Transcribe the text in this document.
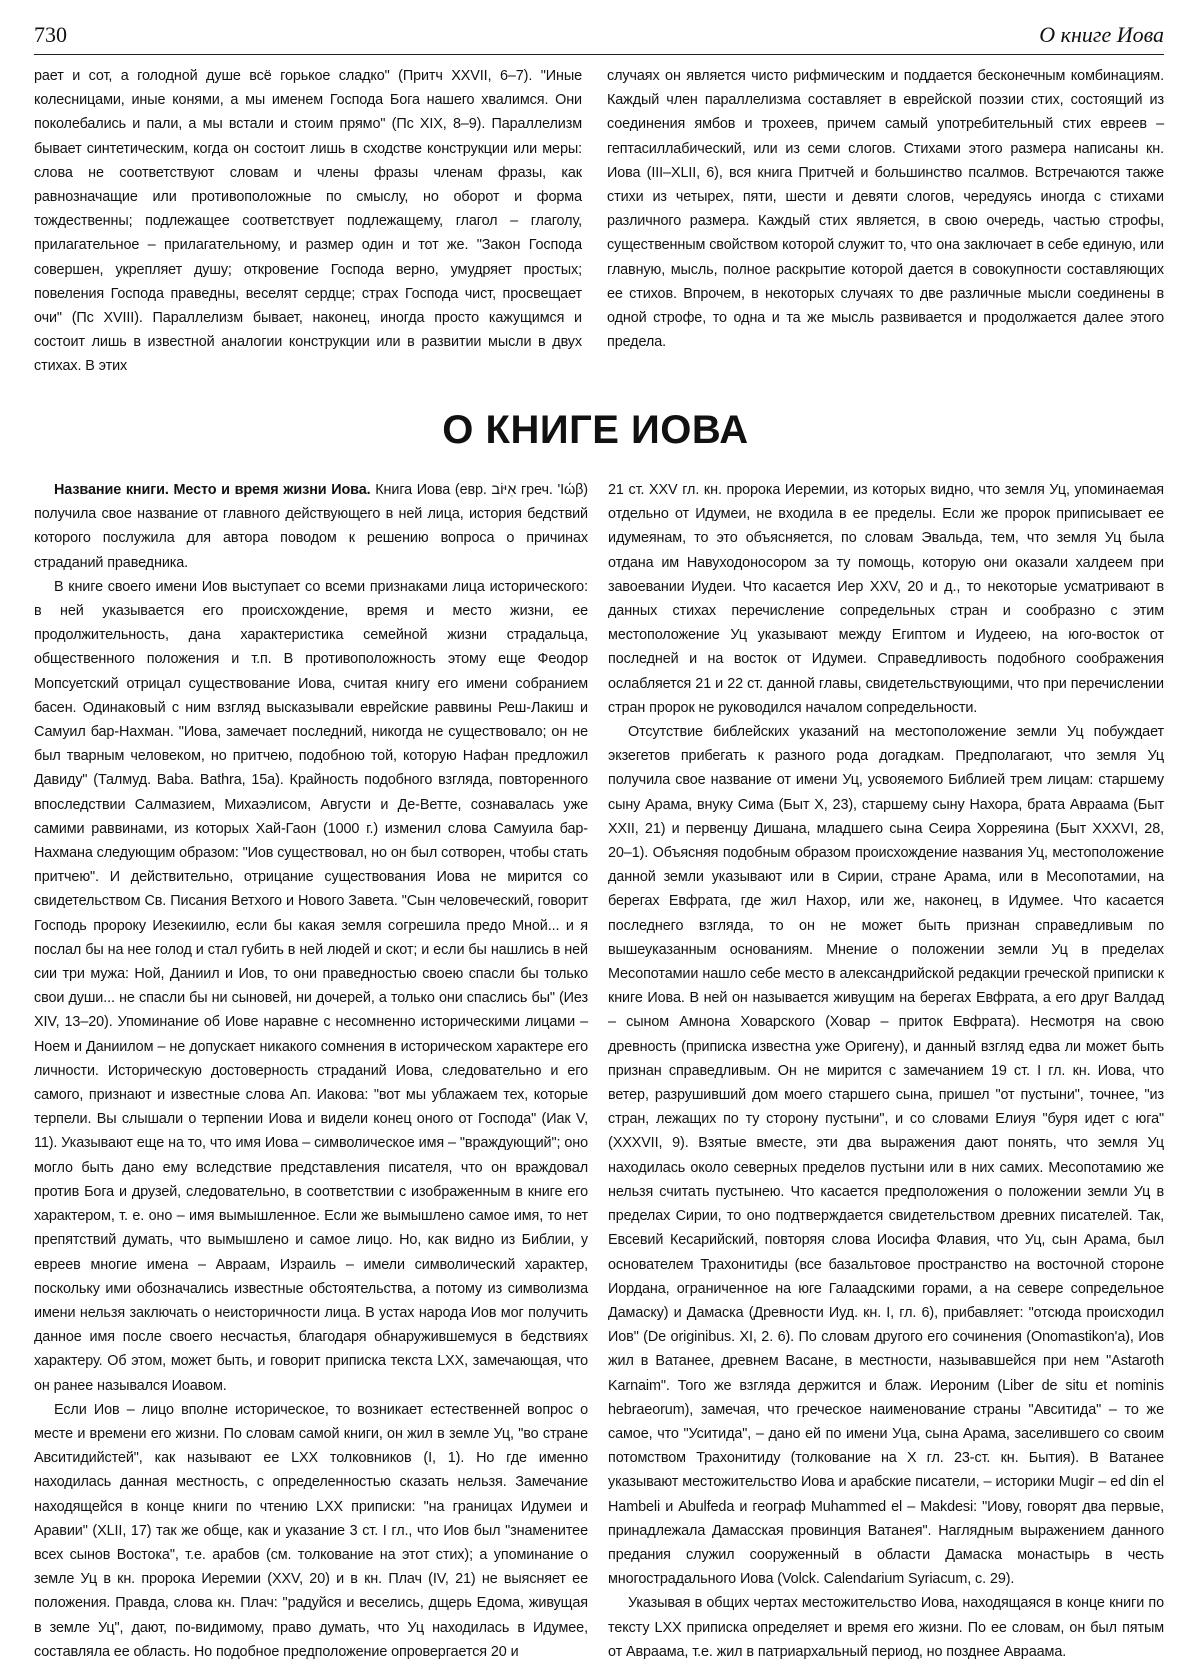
730	О книге Иова

рает и сот, а голодной душе всё горькое сладко" (Притч XXVII, 6–7). "Иные колесницами, иные конями, а мы именем Господа Бога нашего хвалимся. Они поколебались и пали, а мы встали и стоим прямо" (Пс XIX, 8–9). Параллелизм бывает синтетическим, когда он состоит лишь в сходстве конструкции или меры: слова не соответствуют словам и члены фразы членам фразы, как равнозначащие или противоположные по смыслу, но оборот и форма тождественны; подлежащее соответствует подлежащему, глагол – глаголу, прилагательное – прилагательному, и размер один и тот же. "Закон Господа совершен, укрепляет душу; откровение Господа верно, умудряет простых; повеления Господа праведны, веселят сердце; страх Господа чист, просвещает очи" (Пс XVIII). Параллелизм бывает, наконец, иногда просто кажущимся и состоит лишь в известной аналогии конструкции или в развитии мысли в двух стихах. В этих

случаях он является чисто рифмическим и поддается бесконечным комбинациям. Каждый член параллелизма составляет в еврейской поэзии стих, состоящий из соединения ямбов и трохеев, причем самый употребительный стих евреев – гептасиллабический, или из семи слогов. Стихами этого размера написаны кн. Иова (III–XLII, 6), вся книга Притчей и большинство псалмов. Встречаются также стихи из четырех, пяти, шести и девяти слогов, чередуясь иногда с стихами различного размера. Каждый стих является, в свою очередь, частью строфы, существенным свойством которой служит то, что она заключает в себе единую, или главную, мысль, полное раскрытие которой дается в совокупности составляющих ее стихов. Впрочем, в некоторых случаях то две различные мысли соединены в одной строфе, то одна и та же мысль развивается и продолжается далее этого предела.

О КНИГЕ ИОВА

Название книги. Место и время жизни Иова. Книга Иова (евр. אִיּוֹב греч. 'Ιώβ) получила свое название от главного действующего в ней лица, история бедствий которого послужила для автора поводом к решению вопроса о причинах страданий праведника.

В книге своего имени Иов выступает со всеми признаками лица исторического: в ней указывается его происхождение, время и место жизни, ее продолжительность, дана характеристика семейной жизни страдальца, общественного положения и т.п. В противоположность этому еще Феодор Мопсуетский отрицал существование Иова, считая книгу его имени собранием басен. Одинаковый с ним взгляд высказывали еврейские раввины Реш-Лакиш и Самуил бар-Нахман. "Иова, замечает последний, никогда не существовало; он не был тварным человеком, но притчею, подобною той, которую Нафан предложил Давиду" (Талмуд. Baba. Bathra, 15a). Крайность подобного взгляда, повторенного впоследствии Салмазием, Михаэлисом, Августи и Де-Ветте, сознавалась уже самими раввинами, из которых Хай-Гаон (1000 г.) изменил слова Самуила бар-Нахмана следующим образом: "Иов существовал, но он был сотворен, чтобы стать притчею". И действительно, отрицание существования Иова не мирится со свидетельством Св. Писания Ветхого и Нового Завета. "Сын человеческий, говорит Господь пророку Иезекиилю, если бы какая земля согрешила предо Мной... и я послал бы на нее голод и стал губить в ней людей и скот; и если бы нашлись в ней сии три мужа: Ной, Даниил и Иов, то они праведностью своею спасли бы только свои души... не спасли бы ни сыновей, ни дочерей, а только они спаслись бы" (Иез XIV, 13–20). Упоминание об Иове наравне с несомненно историческими лицами – Ноем и Даниилом – не допускает никакого сомнения в историческом характере его личности. Историческую достоверность страданий Иова, следовательно и его самого, признают и известные слова Ап. Иакова: "вот мы ублажаем тех, которые терпели. Вы слышали о терпении Иова и видели конец оного от Господа" (Иак V, 11). Указывают еще на то, что имя Иова – символическое имя – "враждующий"; оно могло быть дано ему вследствие представления писателя, что он враждовал против Бога и друзей, следовательно, в соответствии с изображенным в книге его характером, т. е. оно – имя вымышленное. Если же вымышлено самое имя, то нет препятствий думать, что вымышлено и самое лицо. Но, как видно из Библии, у евреев многие имена – Авраам, Израиль – имели символический характер, поскольку ими обозначались известные обстоятельства, а потому из символизма имени нельзя заключать о неисторичности лица. В устах народа Иов мог получить данное имя после своего несчастья, благодаря обнаружившемуся в бедствиях характеру. Об этом, может быть, и говорит приписка текста LXX, замечающая, что он ранее назывался Иоавом.

Если Иов – лицо вполне историческое, то возникает естественней вопрос о месте и времени его жизни. По словам самой книги, он жил в земле Уц, "во стране Авситидийстей", как называют ее LXX толковников (I, 1). Но где именно находилась данная местность, с определенностью сказать нельзя. Замечание находящейся в конце книги по чтению LXX приписки: "на границах Идумеи и Аравии" (XLII, 17) так же обще, как и указание 3 ст. I гл., что Иов был "знаменитее всех сынов Востока", т.е. арабов (см. толкование на этот стих); а упоминание о земле Уц в кн. пророка Иеремии (XXV, 20) и в кн. Плач (IV, 21) не выясняет ее положения. Правда, слова кн. Плач: "радуйся и веселись, дщерь Едома, живущая в земле Уц", дают, по-видимому, право думать, что Уц находилась в Идумее, составляла ее область. Но подобное предположение опровергается 20 и

21 ст. XXV гл. кн. пророка Иеремии, из которых видно, что земля Уц, упоминаемая отдельно от Идумеи, не входила в ее пределы. Если же пророк приписывает ее идумеянам, то это объясняется, по словам Эвальда, тем, что земля Уц была отдана им Навуходоносором за ту помощь, которую они оказали халдеем при завоевании Иудеи. Что касается Иер XXV, 20 и д., то некоторые усматривают в данных стихах перечисление сопредельных стран и сообразно с этим местоположение Уц указывают между Египтом и Иудеею, на юго-восток от последней и на восток от Идумеи. Справедливость подобного соображения ослабляется 21 и 22 ст. данной главы, свидетельствующими, что при перечислении стран пророк не руководился началом сопредельности.

Отсутствие библейских указаний на местоположение земли Уц побуждает экзегетов прибегать к разного рода догадкам. Предполагают, что земля Уц получила свое название от имени Уц, усвояемого Библией трем лицам: старшему сыну Арама, внуку Сима (Быт X, 23), старшему сыну Нахора, брата Авраама (Быт XXII, 21) и первенцу Дишана, младшего сына Сеира Хорреяина (Быт XXXVI, 28, 20–1). Объясняя подобным образом происхождение названия Уц, местоположение данной земли указывают или в Сирии, стране Арама, или в Месопотамии, на берегах Евфрата, где жил Нахор, или же, наконец, в Идумее. Что касается последнего взгляда, то он не может быть признан справедливым по вышеуказанным основаниям. Мнение о положении земли Уц в пределах Месопотамии нашло себе место в александрийской редакции греческой приписки к книге Иова. В ней он называется живущим на берегах Евфрата, а его друг Валдад – сыном Амнона Ховарского (Ховар – приток Евфрата). Несмотря на свою древность (приписка известна уже Оригену), и данный взгляд едва ли может быть признан справедливым. Он не мирится с замечанием 19 ст. I гл. кн. Иова, что ветер, разрушивший дом моего старшего сына, пришел "от пустыни", точнее, "из стран, лежащих по ту сторону пустыни", и со словами Елиуя "буря идет с юга" (XXXVII, 9). Взятые вместе, эти два выражения дают понять, что земля Уц находилась около северных пределов пустыни или в них самих. Месопотамию же нельзя считать пустынею. Что касается предположения о положении земли Уц в пределах Сирии, то оно подтверждается свидетельством древних писателей. Так, Евсевий Кесарийский, повторяя слова Иосифа Флавия, что Уц, сын Арама, был основателем Трахонитиды (все базальтовое пространство на восточной стороне Иордана, ограниченное на юге Галаадскими горами, а на севере сопредельное Дамаску) и Дамаска (Древности Иуд. кн. I, гл. 6), прибавляет: "отсюда происходил Иов" (De originibus. XI, 2. 6). По словам другого его сочинения (Onomastikon'a), Иов жил в Ватанее, древнем Васане, в местности, называвшейся при нем "Astaroth Karnaim". Того же взгляда держится и блаж. Иероним (Liber de situ et nominis hebraeorum), замечая, что греческое наименование страны "Авситида" – то же самое, что "Уситида", – дано ей по имени Уца, сына Арама, заселившего со своим потомством Трахонитиду (толкование на X гл. 23-ст. кн. Бытия). В Ватанее указывают местожительство Иова и арабские писатели, – историки Mugir – ed din el Hambeli и Abulfeda и географ Muhammed el – Makdesi: "Иову, говорят два первые, принадлежала Дамасская провинция Ватанея". Наглядным выражением данного предания служил сооруженный в области Дамаска монастырь в честь многострадального Иова (Volck. Calendarium Syriacum, с. 29).

Указывая в общих чертах местожительство Иова, находящаяся в конце книги по тексту LXX приписка определяет и время его жизни. По ее словам, он был пятым от Авраама, т.е. жил в патриархальный период, но позднее Авраама.
